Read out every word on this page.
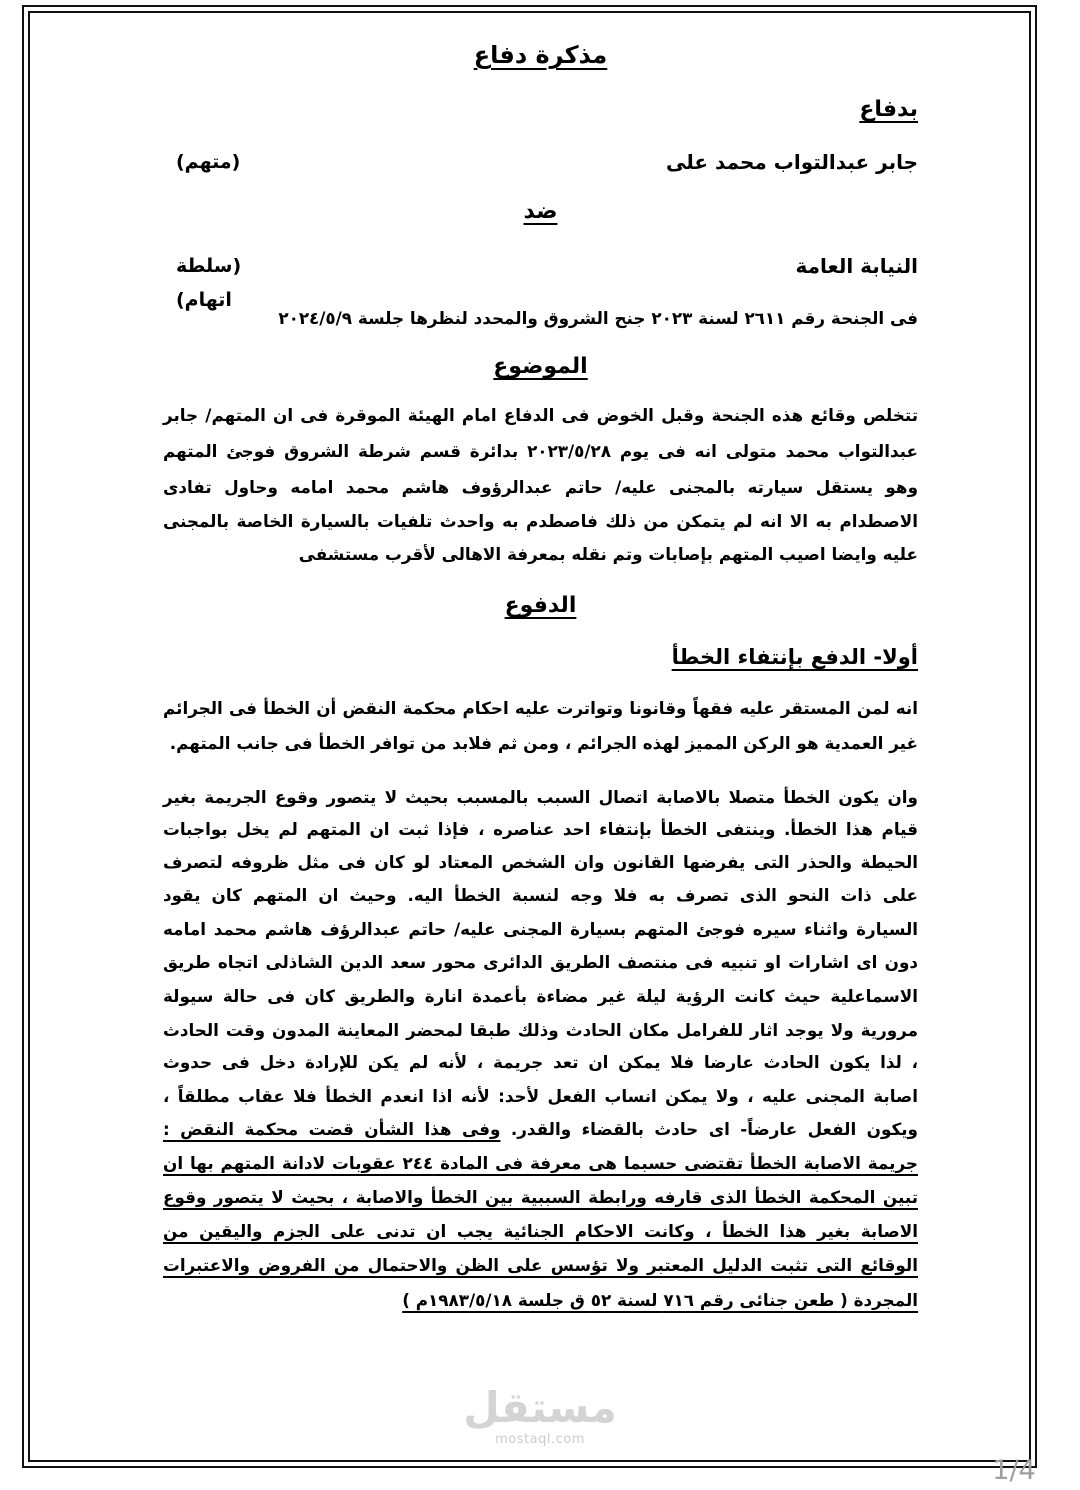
مذكرة دفاع
بدفاع
جابر عبدالتواب محمد على
(متهم)
ضد
النيابة العامة
(سلطة اتهام)
فى الجنحة رقم ٢٦١١ لسنة ٢٠٢٣ جنح الشروق والمحدد لنظرها جلسة ٢٠٢٤/٥/٩
الموضوع
تتخلص وقائع هذه الجنحة وقبل الخوض فى الدفاع امام الهيئة الموقرة فى ان المتهم/ جابر
عبدالتواب محمد متولى انه فى يوم ٢٠٢٣/٥/٢٨ بدائرة قسم شرطة الشروق فوجئ المتهم
وهو يستقل سيارته بالمجنى عليه/ حاتم عبدالرؤوف هاشم محمد امامه وحاول تفادى
الاصطدام به الا انه لم يتمكن من ذلك فاصطدم به واحدث تلفيات بالسيارة الخاصة بالمجنى
عليه وايضا اصيب المتهم بإصابات وتم نقله بمعرفة الاهالى لأقرب مستشفى
الدفوع
أولا- الدفع بإنتفاء الخطأ
انه لمن المستقر عليه فقهاً وقانونا وتواترت عليه احكام محكمة النقض أن الخطأ فى الجرائم
غير العمدية هو الركن المميز لهذه الجرائم ، ومن ثم فلابد من توافر الخطأ فى جانب المتهم.
وان يكون الخطأ متصلا بالاصابة اتصال السبب بالمسبب بحيث لا يتصور وقوع الجريمة بغير
قيام هذا الخطأ. وينتفى الخطأ بإنتفاء احد عناصره ، فإذا ثبت ان المتهم لم يخل بواجبات
الحيطة والحذر التى يفرضها القانون وان الشخص المعتاد لو كان فى مثل ظروفه لتصرف
على ذات النحو الذى تصرف به فلا وجه لنسبة الخطأ اليه. وحيث ان المتهم كان يقود
السيارة واثناء سيره فوجئ المتهم بسيارة المجنى عليه/ حاتم عبدالرؤف هاشم محمد امامه
دون اى اشارات او تنبيه فى منتصف الطريق الدائرى محور سعد الدين الشاذلى اتجاه طريق
الاسماعلية حيث كانت الرؤية ليلة غير مضاءة بأعمدة انارة والطريق كان فى حالة سيولة
مرورية ولا يوجد اثار للفرامل مكان الحادث وذلك طبقا لمحضر المعاينة المدون وقت الحادث
، لذا يكون الحادث عارضا فلا يمكن ان تعد جريمة ، لأنه لم يكن للإرادة دخل فى حدوث
اصابة المجنى عليه ، ولا يمكن انساب الفعل لأحد: لأنه اذا انعدم الخطأ فلا عقاب مطلقاً ،
ويكون الفعل عارضاً- اى حادث بالقضاء والقدر. وفى هذا الشأن قضت محكمة النقض :
جريمة الاصابة الخطأ تقتضى حسبما هى معرفة فى المادة ٢٤٤ عقوبات لادانة المتهم بها ان
تبين المحكمة الخطأ الذى قارفه ورابطة السببية بين الخطأ والاصابة ، بحيث لا يتصور وقوع
الاصابة بغير هذا الخطأ ، وكانت الاحكام الجنائية يجب ان تدنى على الجزم واليقين من
الوقائع التى تثبت الدليل المعتبر ولا تؤسس على الظن والاحتمال من الفروض والاعتبرات
المجردة ( طعن جنائى رقم ٧١٦ لسنة ٥٢ ق جلسة ١٩٨٣/٥/١٨م )
مستقل
mostaql.com
1/4
